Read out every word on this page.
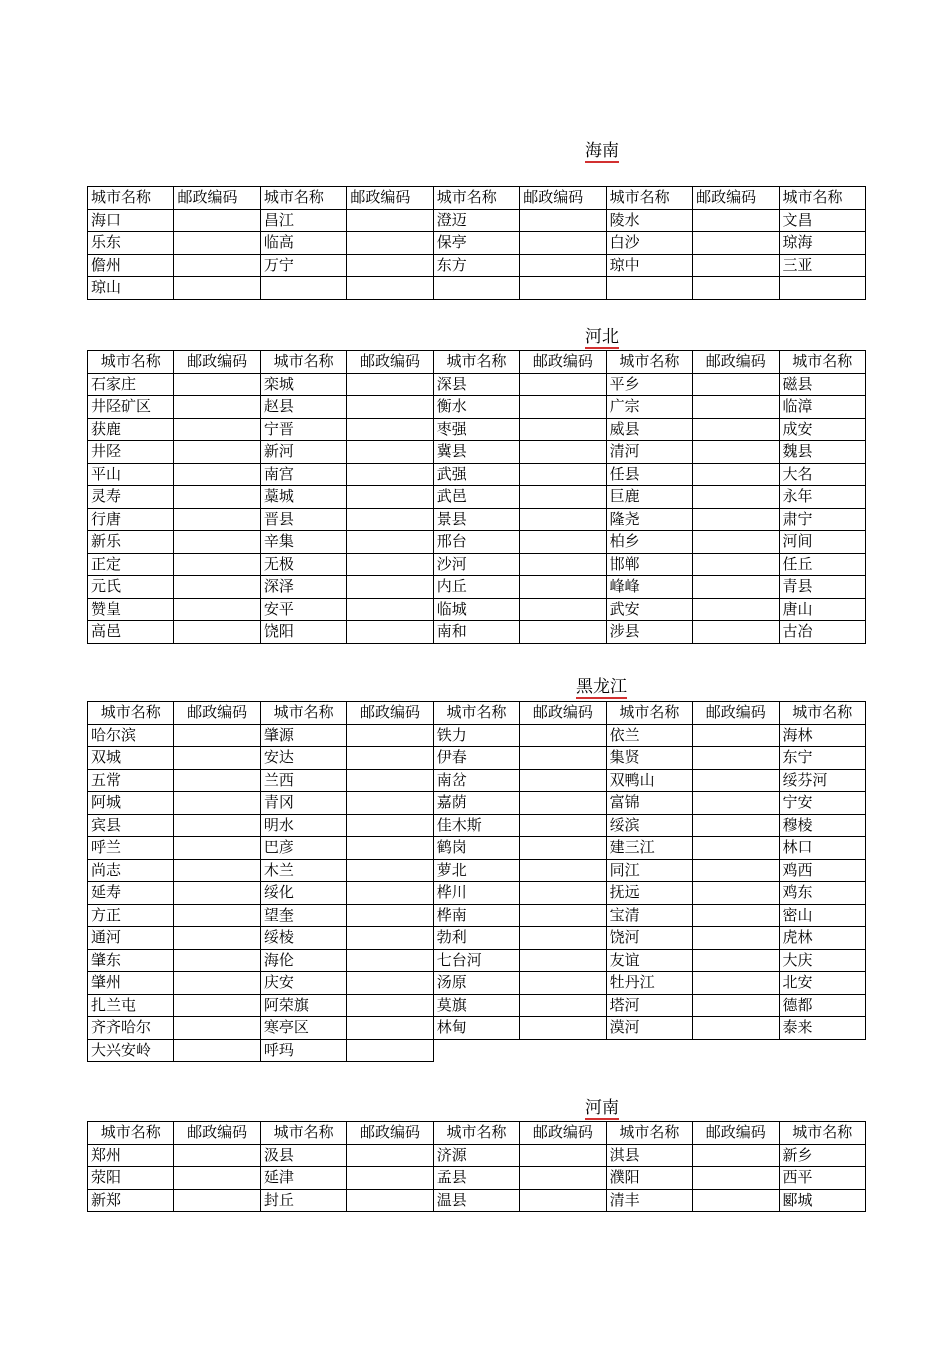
海南
城市名称	邮政编码	城市名称	邮政编码	城市名称	邮政编码	城市名称	邮政编码	城市名称
海口		昌江		澄迈		陵水		文昌
乐东		临高		保亭		白沙		琼海
儋州		万宁		东方		琼中		三亚
琼山								
河北
城市名称	邮政编码	城市名称	邮政编码	城市名称	邮政编码	城市名称	邮政编码	城市名称
石家庄		栾城		深县		平乡		磁县
井陉矿区		赵县		衡水		广宗		临漳
获鹿		宁晋		枣强		威县		成安
井陉		新河		冀县		清河		魏县
平山		南宫		武强		任县		大名
灵寿		藁城		武邑		巨鹿		永年
行唐		晋县		景县		隆尧		肃宁
新乐		辛集		邢台		柏乡		河间
正定		无极		沙河		邯郸		任丘
元氏		深泽		内丘		峰峰		青县
赞皇		安平		临城		武安		唐山
高邑		饶阳		南和		涉县		古冶
黑龙江
城市名称	邮政编码	城市名称	邮政编码	城市名称	邮政编码	城市名称	邮政编码	城市名称
哈尔滨		肇源		铁力		依兰		海林
双城		安达		伊春		集贤		东宁
五常		兰西		南岔		双鸭山		绥芬河
阿城		青冈		嘉荫		富锦		宁安
宾县		明水		佳木斯		绥滨		穆棱
呼兰		巴彦		鹤岗		建三江		林口
尚志		木兰		萝北		同江		鸡西
延寿		绥化		桦川		抚远		鸡东
方正		望奎		桦南		宝清		密山
通河		绥棱		勃利		饶河		虎林
肇东		海伦		七台河		友谊		大庆
肇州		庆安		汤原		牡丹江		北安
扎兰屯		阿荣旗		莫旗		塔河		德都
齐齐哈尔		寒亭区		林甸		漠河		泰来
大兴安岭		呼玛						
河南
城市名称	邮政编码	城市名称	邮政编码	城市名称	邮政编码	城市名称	邮政编码	城市名称
郑州		汲县		济源		淇县		新乡
荥阳		延津		孟县		濮阳		西平
新郑		封丘		温县		清丰		郾城
